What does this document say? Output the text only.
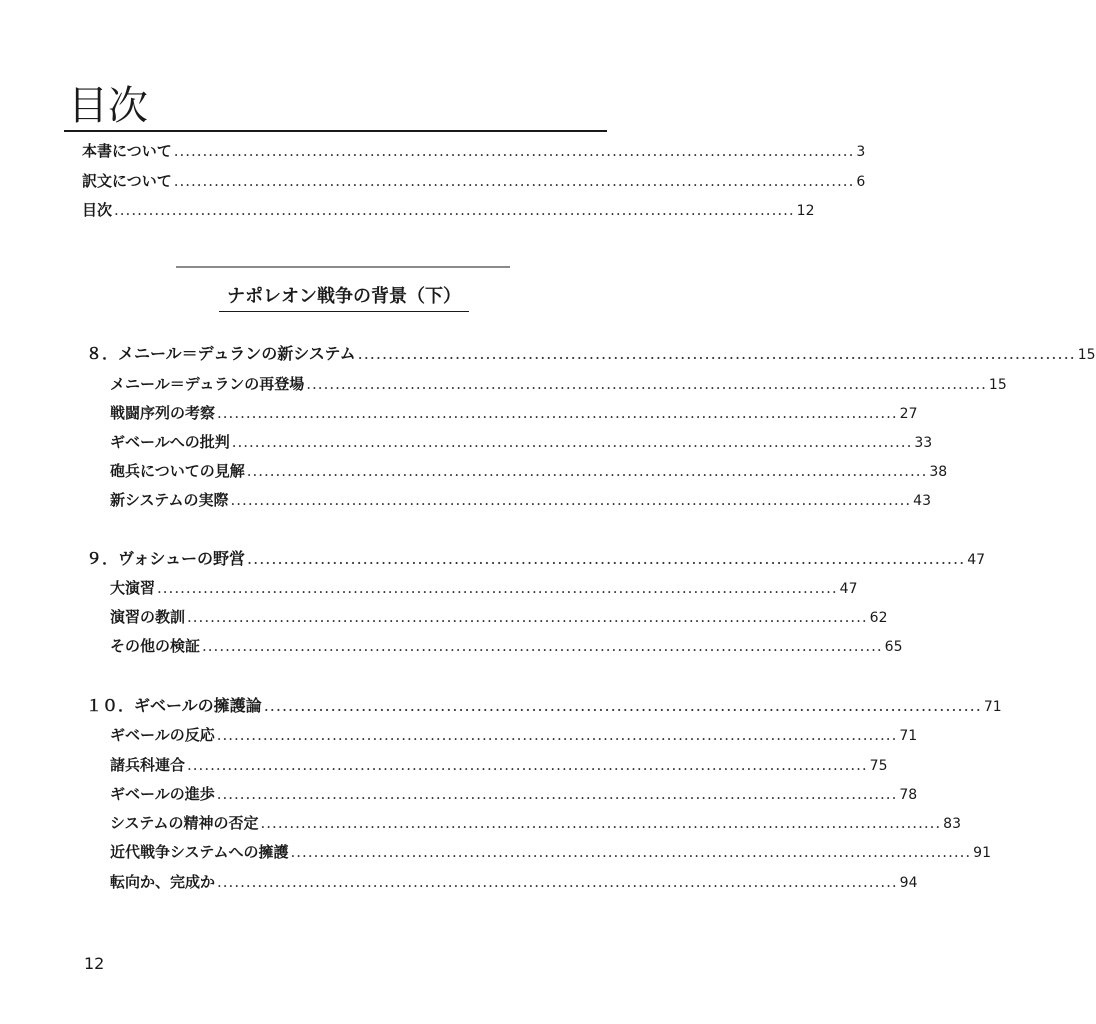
目次
本書について ...................................................................................................................... 3
訳文について ...................................................................................................................... 6
目次 ...................................................................................................................... 12
ナポレオン戦争の背景（下）
８．メニール＝デュランの新システム ...................................................................................................................... 15
メニール＝デュランの再登場 ...................................................................................................................... 15
戦闘序列の考察 ...................................................................................................................... 27
ギベールへの批判 ...................................................................................................................... 33
砲兵についての見解 ...................................................................................................................... 38
新システムの実際 ...................................................................................................................... 43
９．ヴォシューの野営 ...................................................................................................................... 47
大演習 ...................................................................................................................... 47
演習の教訓 ...................................................................................................................... 62
その他の検証 ...................................................................................................................... 65
１０．ギベールの擁護論 ...................................................................................................................... 71
ギベールの反応 ...................................................................................................................... 71
諸兵科連合 ...................................................................................................................... 75
ギベールの進歩 ...................................................................................................................... 78
システムの精神の否定 ...................................................................................................................... 83
近代戦争システムへの擁護 ...................................................................................................................... 91
転向か、完成か ...................................................................................................................... 94
12
